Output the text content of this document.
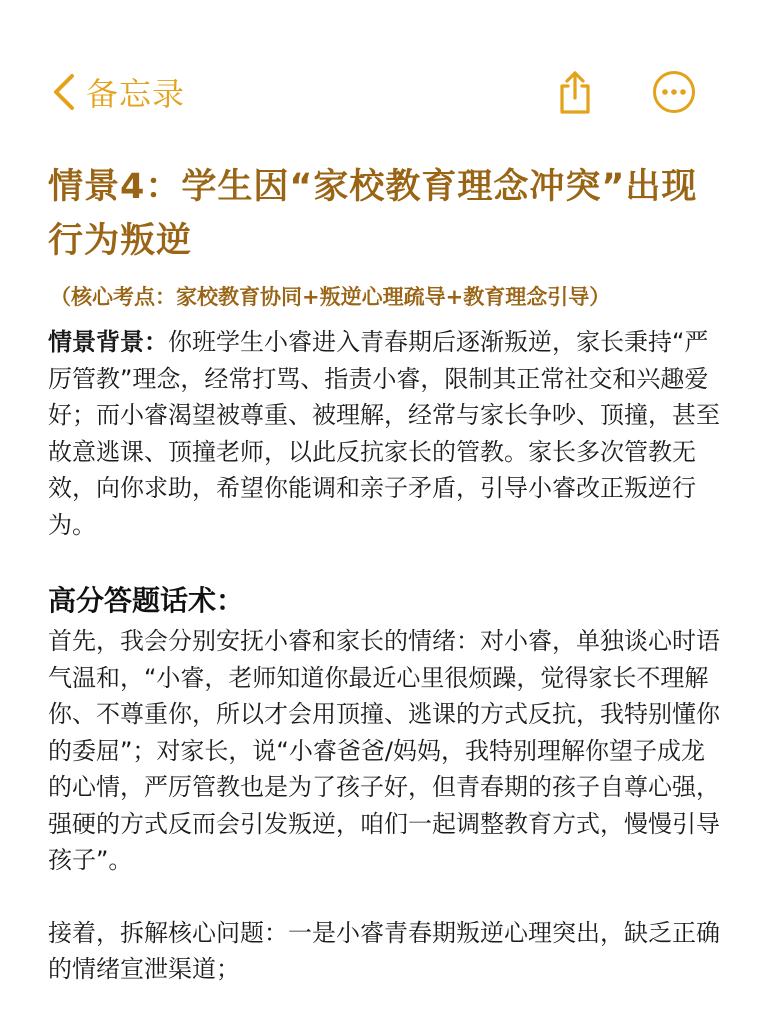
备忘录
情景4：学生因“家校教育理念冲突”出现行为叛逆
（核心考点：家校教育协同+叛逆心理疏导+教育理念引导）

情景背景：你班学生小睿进入青春期后逐渐叛逆，家长秉持“严厉管教”理念，经常打骂、指责小睿，限制其正常社交和兴趣爱好；而小睿渴望被尊重、被理解，经常与家长争吵、顶撞，甚至故意逃课、顶撞老师，以此反抗家长的管教。家长多次管教无效，向你求助，希望你能调和亲子矛盾，引导小睿改正叛逆行为。

高分答题话术：

首先，我会分别安抚小睿和家长的情绪：对小睿，单独谈心时语气温和，“小睿，老师知道你最近心里很烦躁，觉得家长不理解你、不尊重你，所以才会用顶撞、逃课的方式反抗，我特别懂你的委屈”；对家长，说“小睿爸爸/妈妈，我特别理解你望子成龙的心情，严厉管教也是为了孩子好，但青春期的孩子自尊心强，强硬的方式反而会引发叛逆，咱们一起调整教育方式，慢慢引导孩子”。

接着，拆解核心问题：一是小睿青春期叛逆心理突出，缺乏正确的情绪宣泄渠道；
